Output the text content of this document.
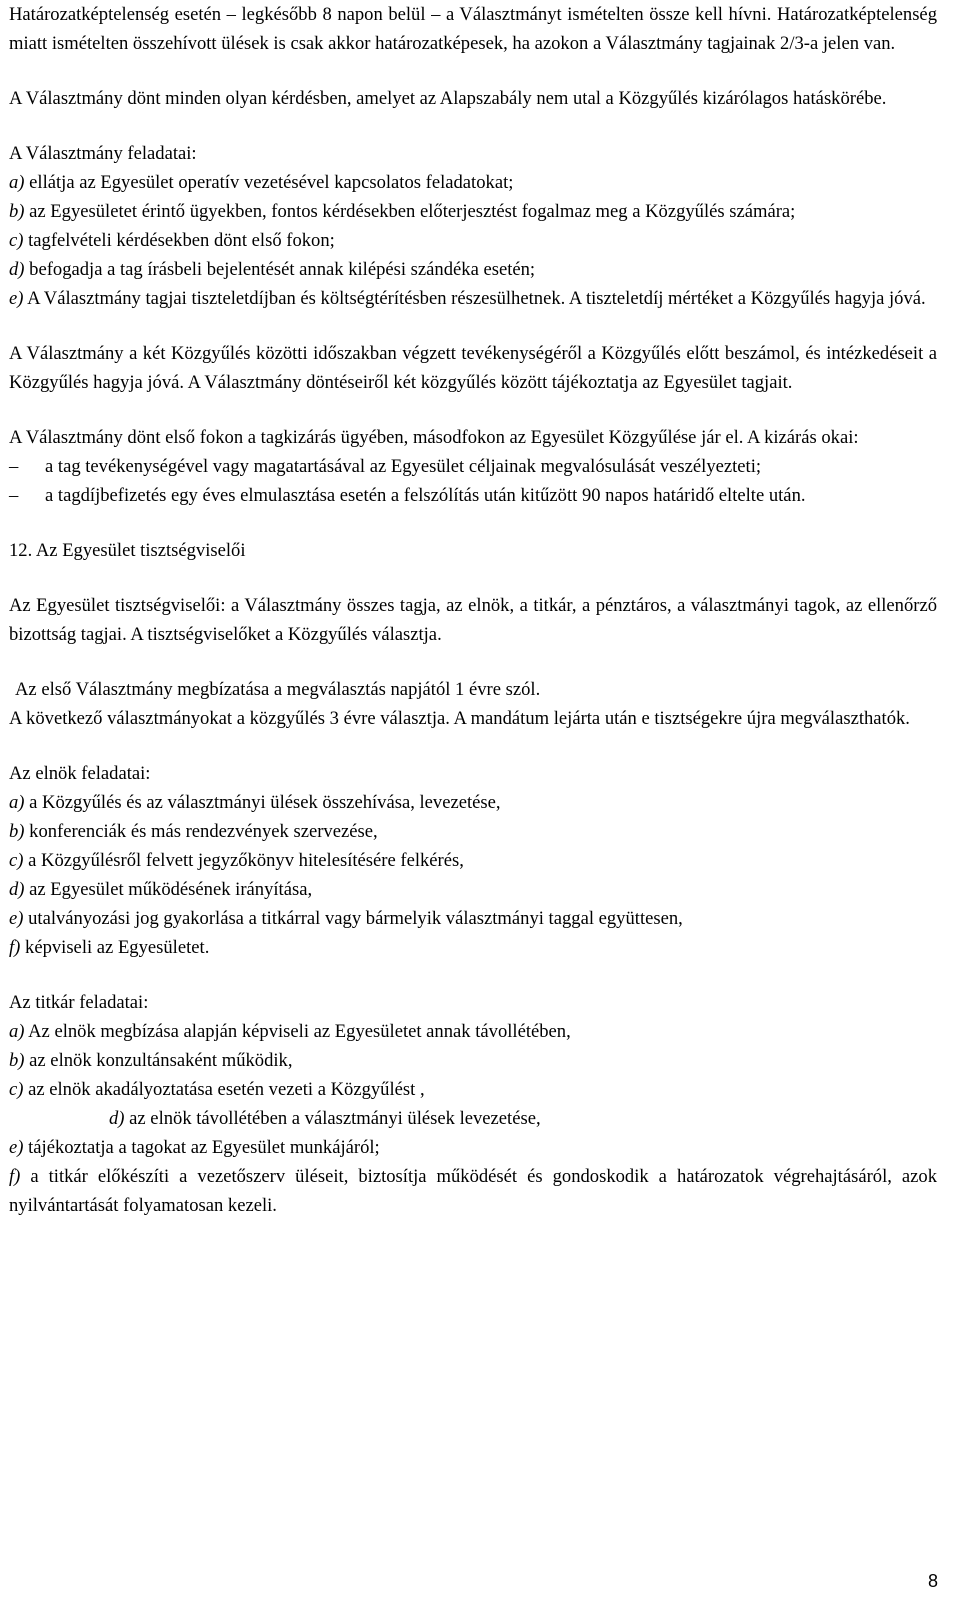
Határozatképtelenség esetén – legkésőbb 8 napon belül – a Választmányt ismételten össze kell hívni. Határozatképtelenség miatt ismételten összehívott ülések is csak akkor határozatképesek, ha azokon a Választmány tagjainak 2/3-a jelen van.

A Választmány dönt minden olyan kérdésben, amelyet az Alapszabály nem utal a Közgyűlés kizárólagos hatáskörébe.

A Választmány feladatai:

a) ellátja az Egyesület operatív vezetésével kapcsolatos feladatokat;

b) az Egyesületet érintő ügyekben, fontos kérdésekben előterjesztést fogalmaz meg a Közgyűlés számára;

c) tagfelvételi kérdésekben dönt első fokon;

d) befogadja a tag írásbeli bejelentését annak kilépési szándéka esetén;

e) A Választmány tagjai tiszteletdíjban és költségtérítésben részesülhetnek. A tiszteletdíj mértéket a Közgyűlés hagyja jóvá.

A Választmány a két Közgyűlés közötti időszakban végzett tevékenységéről a Közgyűlés előtt beszámol, és intézkedéseit a Közgyűlés hagyja jóvá. A Választmány döntéseiről két közgyűlés között tájékoztatja az Egyesület tagjait.

A Választmány dönt első fokon a tagkizárás ügyében, másodfokon az Egyesület Közgyűlése jár el. A kizárás okai:

– a tag tevékenységével vagy magatartásával az Egyesület céljainak megvalósulását veszélyezteti;

– a tagdíjbefizetés egy éves elmulasztása esetén a felszólítás után kitűzött 90 napos határidő eltelte után.

12. Az Egyesület tisztségviselői

Az Egyesület tisztségviselői: a Választmány összes tagja, az elnök, a titkár, a pénztáros, a választmányi tagok, az ellenőrző bizottság tagjai. A tisztségviselőket a Közgyűlés választja.

Az első Választmány megbízatása a megválasztás napjától 1 évre szól.

A következő választmányokat a közgyűlés 3 évre választja. A mandátum lejárta után e tisztségekre újra megválaszthatók.

Az elnök feladatai:

a) a Közgyűlés és az választmányi ülések összehívása, levezetése,

b) konferenciák és más rendezvények szervezése,

c) a Közgyűlésről felvett jegyzőkönyv hitelesítésére felkérés,

d) az Egyesület működésének irányítása,

e) utalványozási jog gyakorlása a titkárral vagy bármelyik választmányi taggal együttesen,

f) képviseli az Egyesületet.

Az titkár feladatai:

a) Az elnök megbízása alapján képviseli az Egyesületet annak távollétében,

b) az elnök konzultánsaként működik,

c) az elnök akadályoztatása esetén vezeti a Közgyűlést ,

d) az elnök távollétében a választmányi ülések levezetése,

e) tájékoztatja a tagokat az Egyesület munkájáról;

f) a titkár előkészíti a vezetőszerv üléseit, biztosítja működését és gondoskodik a határozatok végrehajtásáról, azok nyilvántartását folyamatosan kezeli.

8
